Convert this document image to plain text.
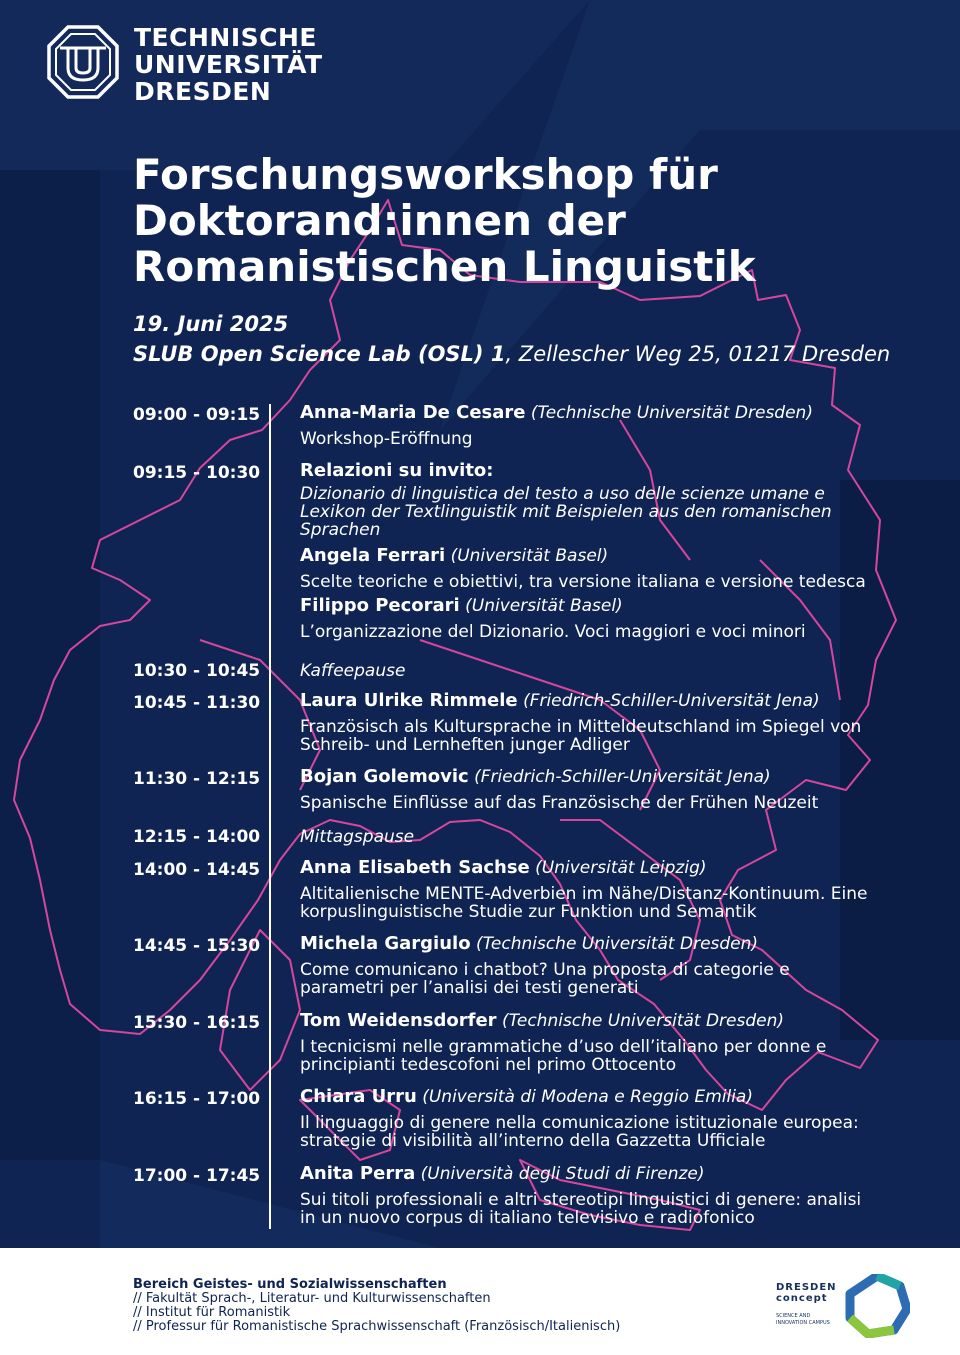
TECHNISCHE
UNIVERSITÄT
DRESDEN
Forschungsworkshop für
Doktorand:innen der
Romanistischen Linguistik
19. Juni 2025
SLUB Open Science Lab (OSL) 1, Zellescher Weg 25, 01217 Dresden
09:00 - 09:15 Anna-Maria De Cesare (Technische Universität Dresden)
Workshop-Eröffnung
09:15 - 10:30 Relazioni su invito:
Dizionario di linguistica del testo a uso delle scienze umane e Lexikon der Textlinguistik mit Beispielen aus den romanischen Sprachen
Angela Ferrari (Universität Basel)
Scelte teoriche e obiettivi, tra versione italiana e versione tedesca
Filippo Pecorari (Universität Basel)
L’organizzazione del Dizionario. Voci maggiori e voci minori
10:30 - 10:45 Kaffeepause
10:45 - 11:30 Laura Ulrike Rimmele (Friedrich-Schiller-Universität Jena)
Französisch als Kultursprache in Mitteldeutschland im Spiegel von Schreib- und Lernheften junger Adliger
11:30 - 12:15 Bojan Golemovic (Friedrich-Schiller-Universität Jena)
Spanische Einflüsse auf das Französische der Frühen Neuzeit
12:15 - 14:00 Mittagspause
14:00 - 14:45 Anna Elisabeth Sachse (Universität Leipzig)
Altitalienische MENTE-Adverbien im Nähe/Distanz-Kontinuum. Eine korpuslinguistische Studie zur Funktion und Semantik
14:45 - 15:30 Michela Gargiulo (Technische Universität Dresden)
Come comunicano i chatbot? Una proposta di categorie e parametri per l’analisi dei testi generati
15:30 - 16:15 Tom Weidensdorfer (Technische Universität Dresden)
I tecnicismi nelle grammatiche d’uso dell’italiano per donne e principianti tedescofoni nel primo Ottocento
16:15 - 17:00 Chiara Urru (Università di Modena e Reggio Emilia)
Il linguaggio di genere nella comunicazione istituzionale europea: strategie di visibilità all’interno della Gazzetta Ufficiale
17:00 - 17:45 Anita Perra (Università degli Studi di Firenze)
Sui titoli professionali e altri stereotipi linguistici di genere: analisi in un nuovo corpus di italiano televisivo e radiofonico
Bereich Geistes- und Sozialwissenschaften
// Fakultät Sprach-, Literatur- und Kulturwissenschaften
// Institut für Romanistik
// Professur für Romanistische Sprachwissenschaft (Französisch/Italienisch)
DRESDEN
concept
SCIENCE AND
INNOVATION CAMPUS
